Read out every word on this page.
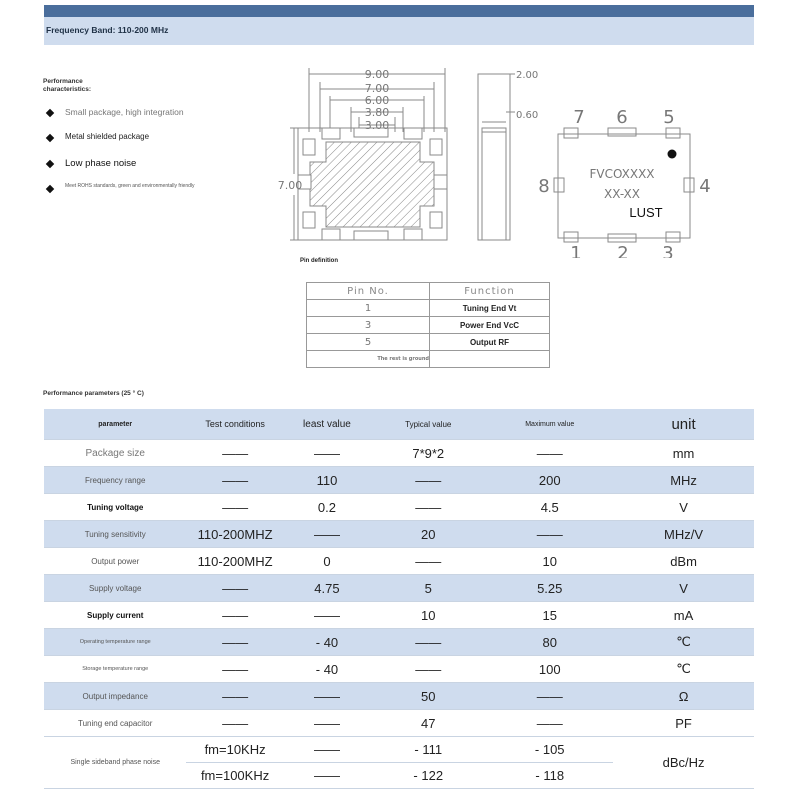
Frequency Band: 110-200 MHz
Performance characteristics:
Small package, high integration
Metal shielded package
Low phase noise
Meet ROHS standards, green and environmentally friendly
9.00
7.00
6.00
3.80
3.00
7.00
2.00
0.60
FVCOXXXX
XX-XX
LUST
7 6 5
1 2 3
8	4
Pin definition
Pin No.	Function
1	Tuning End Vt
3	Power End VcC
5	Output RF
The rest is ground	
Performance parameters (25 ° C)
parameter	Test conditions	least value	Typical value	Maximum value	unit
Package size	——	——	7*9*2	——	mm
Frequency range	——	110	——	200	MHz
Tuning voltage	——	0.2	——	4.5	V
Tuning sensitivity	110-200MHZ	——	20	——	MHz/V
Output power	110-200MHZ	0	——	10	dBm
Supply voltage	——	4.75	5	5.25	V
Supply current	——	——	10	15	mA
Operating temperature range	——	- 40	——	80	℃
Storage temperature range	——	- 40	——	100	℃
Output impedance	——	——	50	——	Ω
Tuning end capacitor	——	——	47	——	PF
Single sideband phase noise	fm=10KHz	——	- 111	- 105	dBc/Hz
	fm=100KHz	——	- 122	- 118	
